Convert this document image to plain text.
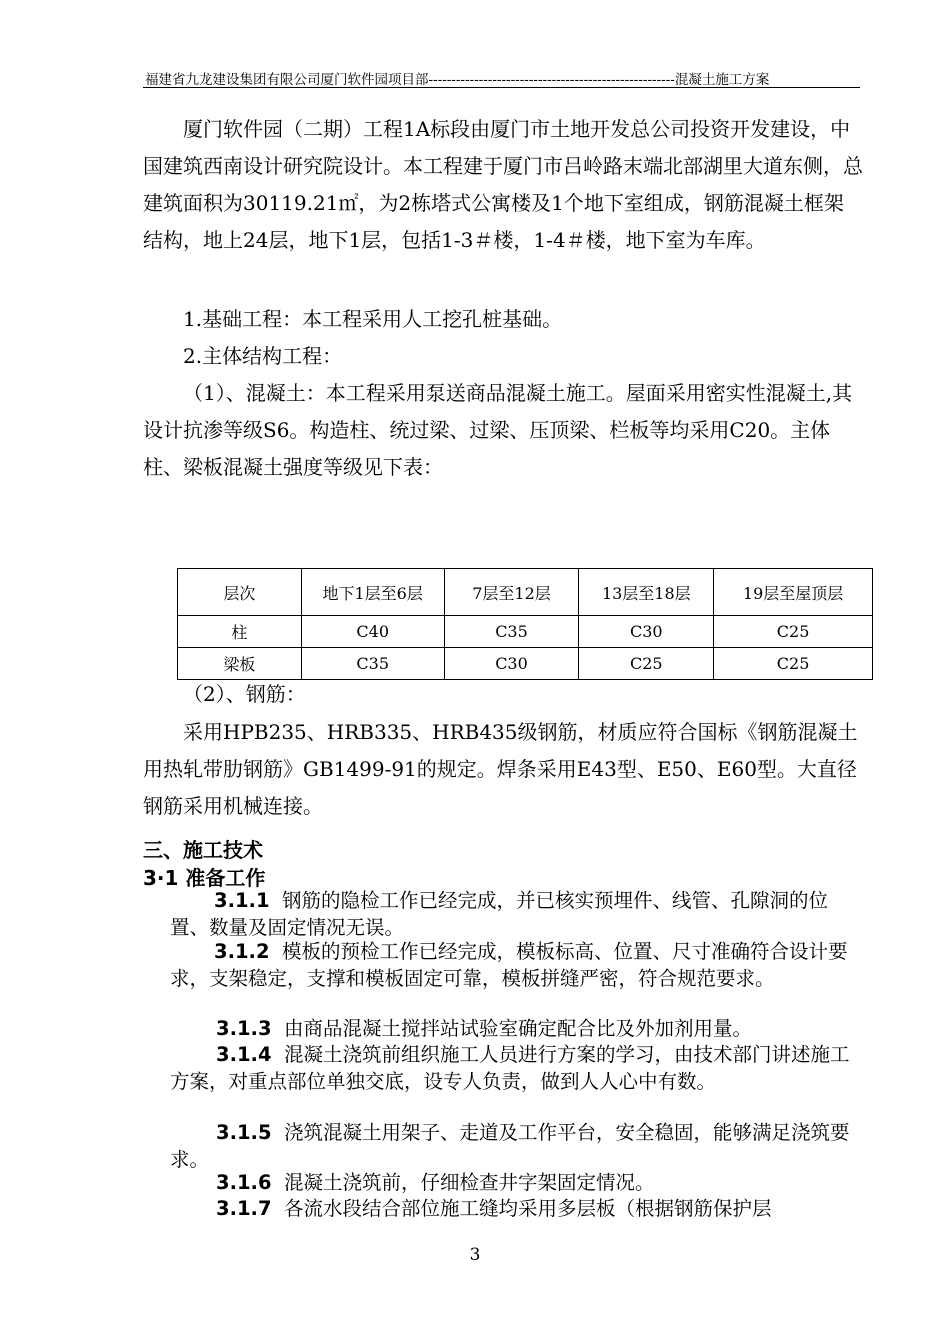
福建省九龙建设集团有限公司厦门软件园项目部------------------------------------------------------混凝土施工方案
厦门软件园（二期）工程1A标段由厦门市土地开发总公司投资开发建设，中国建筑西南设计研究院设计。本工程建于厦门市吕岭路末端北部湖里大道东侧，总建筑面积为30119.21㎡，为2栋塔式公寓楼及1个地下室组成，钢筋混凝土框架结构，地上24层，地下1层，包括1-3＃楼，1-4＃楼，地下室为车库。
1.基础工程：本工程采用人工挖孔桩基础。
2.主体结构工程：
（1）、混凝土：本工程采用泵送商品混凝土施工。屋面采用密实性混凝土,其设计抗渗等级S6。构造柱、统过梁、过梁、压顶梁、栏板等均采用C20。主体柱、梁板混凝土强度等级见下表：
层次	地下1层至6层	7层至12层	13层至18层	19层至屋顶层
柱	C40	C35	C30	C25
梁板	C35	C30	C25	C25
（2）、钢筋：
采用HPB235、HRB335、HRB435级钢筋，材质应符合国标《钢筋混凝土用热轧带肋钢筋》GB1499-91的规定。焊条采用E43型、E50、E60型。大直径钢筋采用机械连接。
三、施工技术
3·1 准备工作
3.1.1 钢筋的隐检工作已经完成，并已核实预埋件、线管、孔隙洞的位置、数量及固定情况无误。
3.1.2 模板的预检工作已经完成，模板标高、位置、尺寸准确符合设计要求，支架稳定，支撑和模板固定可靠，模板拼缝严密，符合规范要求。
3.1.3 由商品混凝土搅拌站试验室确定配合比及外加剂用量。
3.1.4 混凝土浇筑前组织施工人员进行方案的学习，由技术部门讲述施工方案，对重点部位单独交底，设专人负责，做到人人心中有数。
3.1.5 浇筑混凝土用架子、走道及工作平台，安全稳固，能够满足浇筑要求。
3.1.6 混凝土浇筑前，仔细检查井字架固定情况。
3.1.7 各流水段结合部位施工缝均采用多层板（根据钢筋保护层
3
